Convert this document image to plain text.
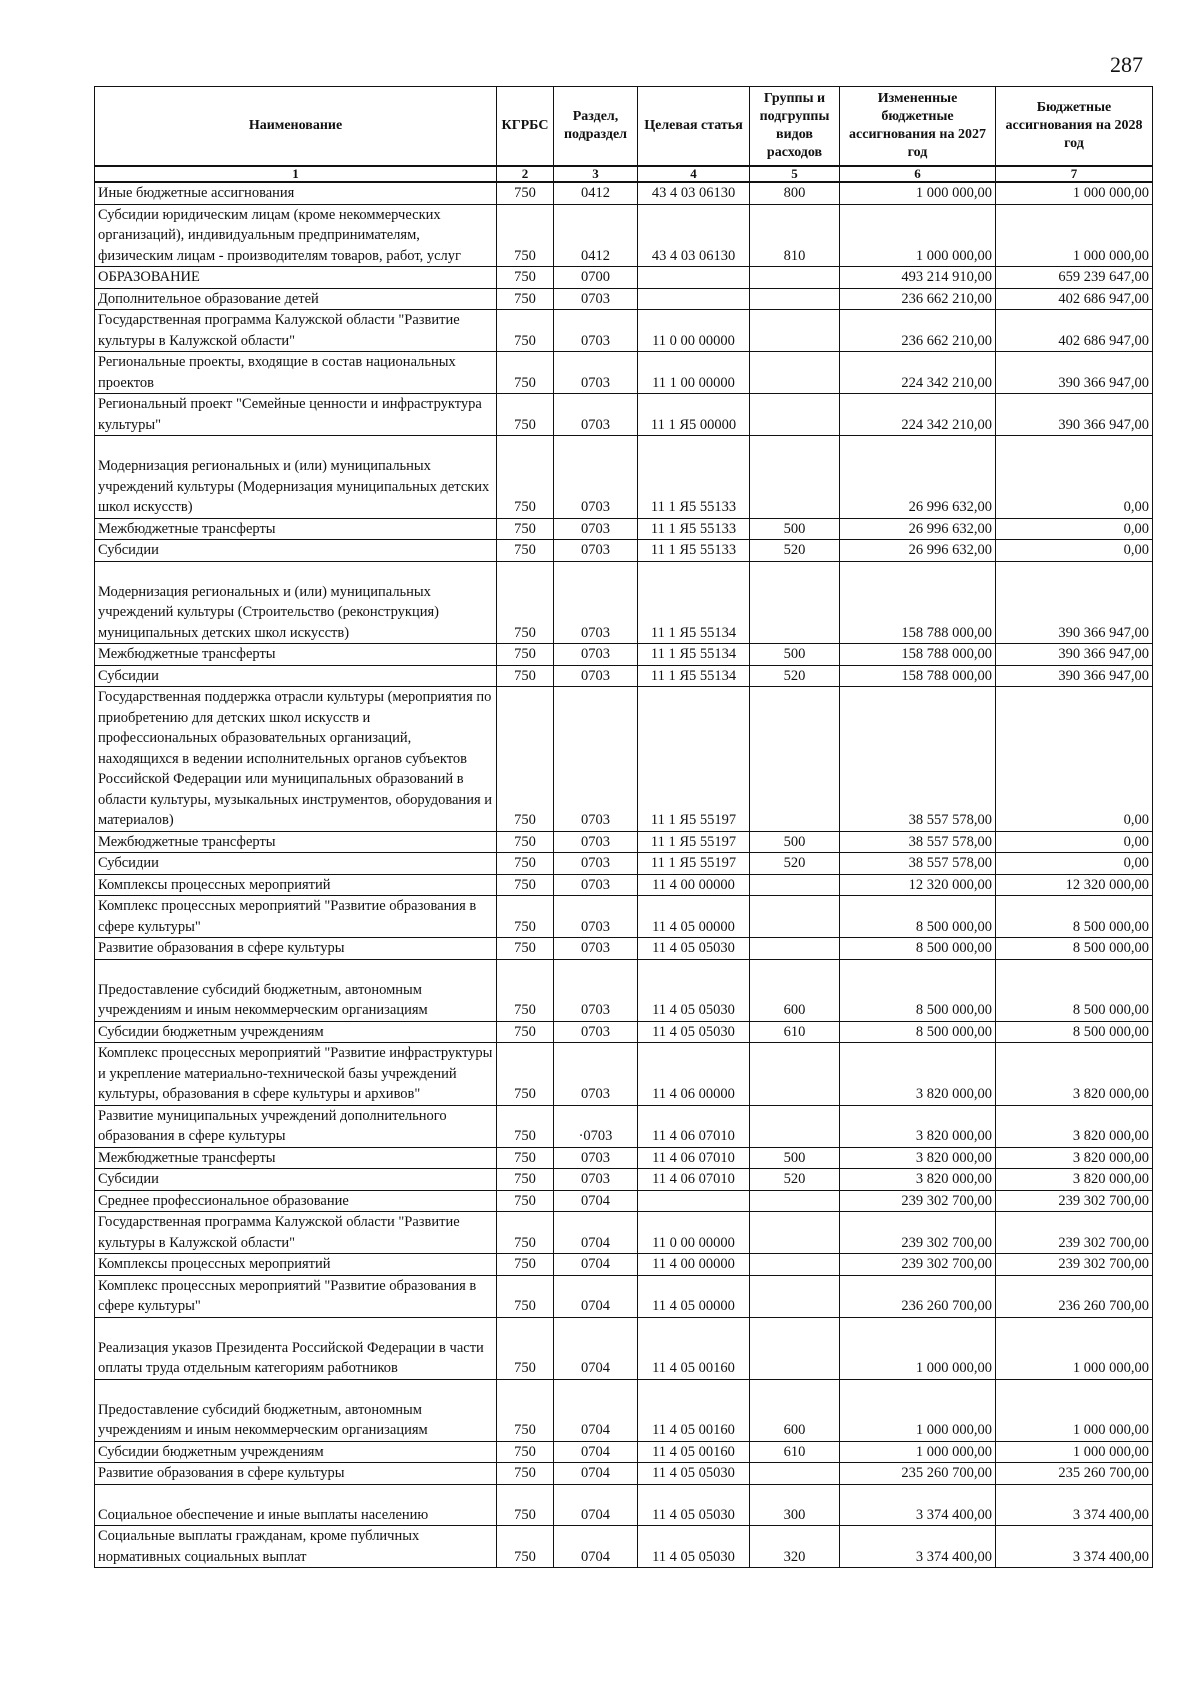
287
Наименование	КГРБС	Раздел, подраздел	Целевая статья	Группы и подгруппы видов расходов	Измененные бюджетные ассигнования на 2027 год	Бюджетные ассигнования на 2028 год
1	2	3	4	5	6	7
Иные бюджетные ассигнования	750	0412	43 4 03 06130	800	1 000 000,00	1 000 000,00
Субсидии юридическим лицам (кроме некоммерческих организаций), индивидуальным предпринимателям, физическим лицам - производителям товаров, работ, услуг	750	0412	43 4 03 06130	810	1 000 000,00	1 000 000,00
ОБРАЗОВАНИЕ	750	0700			493 214 910,00	659 239 647,00
Дополнительное образование детей	750	0703			236 662 210,00	402 686 947,00
Государственная программа Калужской области "Развитие культуры в Калужской области"	750	0703	11 0 00 00000		236 662 210,00	402 686 947,00
Региональные проекты, входящие в состав национальных проектов	750	0703	11 1 00 00000		224 342 210,00	390 366 947,00
Региональный проект "Семейные ценности и инфраструктура культуры"	750	0703	11 1 Я5 00000		224 342 210,00	390 366 947,00
Модернизация региональных и (или) муниципальных учреждений культуры (Модернизация муниципальных детских школ искусств)	750	0703	11 1 Я5 55133		26 996 632,00	0,00
Межбюджетные трансферты	750	0703	11 1 Я5 55133	500	26 996 632,00	0,00
Субсидии	750	0703	11 1 Я5 55133	520	26 996 632,00	0,00
Модернизация региональных и (или) муниципальных учреждений культуры (Строительство (реконструкция) муниципальных детских школ искусств)	750	0703	11 1 Я5 55134		158 788 000,00	390 366 947,00
Межбюджетные трансферты	750	0703	11 1 Я5 55134	500	158 788 000,00	390 366 947,00
Субсидии	750	0703	11 1 Я5 55134	520	158 788 000,00	390 366 947,00
Государственная поддержка отрасли культуры (мероприятия по приобретению для детских школ искусств и профессиональных образовательных организаций, находящихся в ведении исполнительных органов субъектов Российской Федерации или муниципальных образований в области культуры, музыкальных инструментов, оборудования и материалов)	750	0703	11 1 Я5 55197		38 557 578,00	0,00
Межбюджетные трансферты	750	0703	11 1 Я5 55197	500	38 557 578,00	0,00
Субсидии	750	0703	11 1 Я5 55197	520	38 557 578,00	0,00
Комплексы процессных мероприятий	750	0703	11 4 00 00000		12 320 000,00	12 320 000,00
Комплекс процессных мероприятий "Развитие образования в сфере культуры"	750	0703	11 4 05 00000		8 500 000,00	8 500 000,00
Развитие образования в сфере культуры	750	0703	11 4 05 05030		8 500 000,00	8 500 000,00
Предоставление субсидий бюджетным, автономным учреждениям и иным некоммерческим организациям	750	0703	11 4 05 05030	600	8 500 000,00	8 500 000,00
Субсидии бюджетным учреждениям	750	0703	11 4 05 05030	610	8 500 000,00	8 500 000,00
Комплекс процессных мероприятий "Развитие инфраструктуры и укрепление материально-технической базы учреждений культуры, образования в сфере культуры и архивов"	750	0703	11 4 06 00000		3 820 000,00	3 820 000,00
Развитие муниципальных учреждений дополнительного образования в сфере культуры	750	·0703	11 4 06 07010		3 820 000,00	3 820 000,00
Межбюджетные трансферты	750	0703	11 4 06 07010	500	3 820 000,00	3 820 000,00
Субсидии	750	0703	11 4 06 07010	520	3 820 000,00	3 820 000,00
Среднее профессиональное образование	750	0704			239 302 700,00	239 302 700,00
Государственная программа Калужской области "Развитие культуры в Калужской области"	750	0704	11 0 00 00000		239 302 700,00	239 302 700,00
Комплексы процессных мероприятий	750	0704	11 4 00 00000		239 302 700,00	239 302 700,00
Комплекс процессных мероприятий "Развитие образования в сфере культуры"	750	0704	11 4 05 00000		236 260 700,00	236 260 700,00
Реализация указов Президента Российской Федерации в части оплаты труда отдельным категориям работников	750	0704	11 4 05 00160		1 000 000,00	1 000 000,00
Предоставление субсидий бюджетным, автономным учреждениям и иным некоммерческим организациям	750	0704	11 4 05 00160	600	1 000 000,00	1 000 000,00
Субсидии бюджетным учреждениям	750	0704	11 4 05 00160	610	1 000 000,00	1 000 000,00
Развитие образования в сфере культуры	750	0704	11 4 05 05030		235 260 700,00	235 260 700,00
Социальное обеспечение и иные выплаты населению	750	0704	11 4 05 05030	300	3 374 400,00	3 374 400,00
Социальные выплаты гражданам, кроме публичных нормативных социальных выплат	750	0704	11 4 05 05030	320	3 374 400,00	3 374 400,00
